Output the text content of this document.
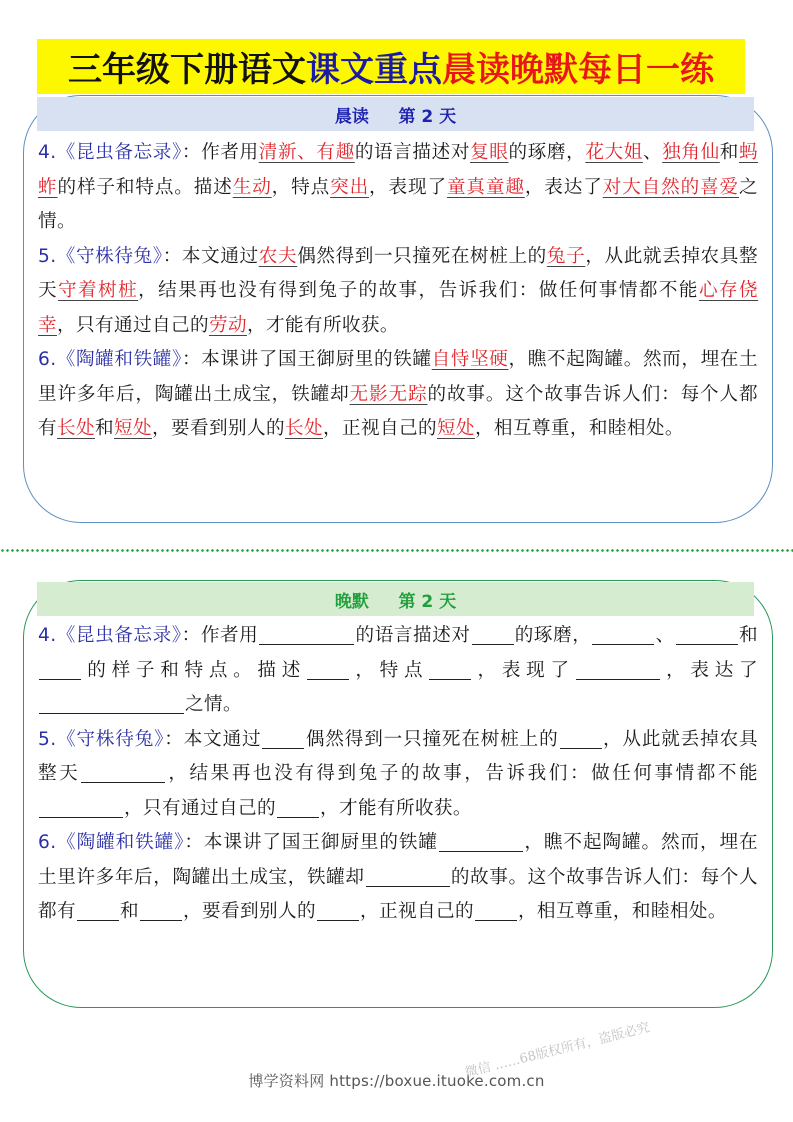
三年级下册语文 课文重点 晨读晚默每日一练
晨读 第 2 天
4.《昆虫备忘录》：作者用清新、有趣的语言描述对复眼的琢磨，花大姐、独角仙和蚂蚱的样子和特点。描述生动，特点突出，表现了童真童趣，表达了对大自然的喜爱之情。
5.《守株待兔》：本文通过农夫偶然得到一只撞死在树桩上的兔子，从此就丢掉农具整天守着树桩，结果再也没有得到兔子的故事，告诉我们：做任何事情都不能心存侥幸，只有通过自己的劳动，才能有所收获。
6.《陶罐和铁罐》：本课讲了国王御厨里的铁罐自恃坚硬，瞧不起陶罐。然而，埋在土里许多年后，陶罐出土成宝，铁罐却无影无踪的故事。这个故事告诉人们：每个人都有长处和短处，要看到别人的长处，正视自己的短处，相互尊重，和睦相处。
晚默 第 2 天
4.《昆虫备忘录》：作者用	的语言描述对 的琢磨，	、	和的样子和特点。描述 ，特点 ，表现了	，表达了之情。
5.《守株待兔》：本文通过 偶然得到一只撞死在树桩上的 ，从此就丢掉农具整天	，结果再也没有得到兔子的故事，告诉我们：做任何事情都不能，只有通过自己的 ，才能有所收获。
6.《陶罐和铁罐》：本课讲了国王御厨里的铁罐	，瞧不起陶罐。然而，埋在土里许多年后，陶罐出土成宝，铁罐却	的故事。这个故事告诉人们：每个人都有 和 ，要看到别人的 ，正视自己的 ，相互尊重，和睦相处。
博学资料网 https://boxue.ituoke.com.cn
微信 ……68版权所有，盗版必究
